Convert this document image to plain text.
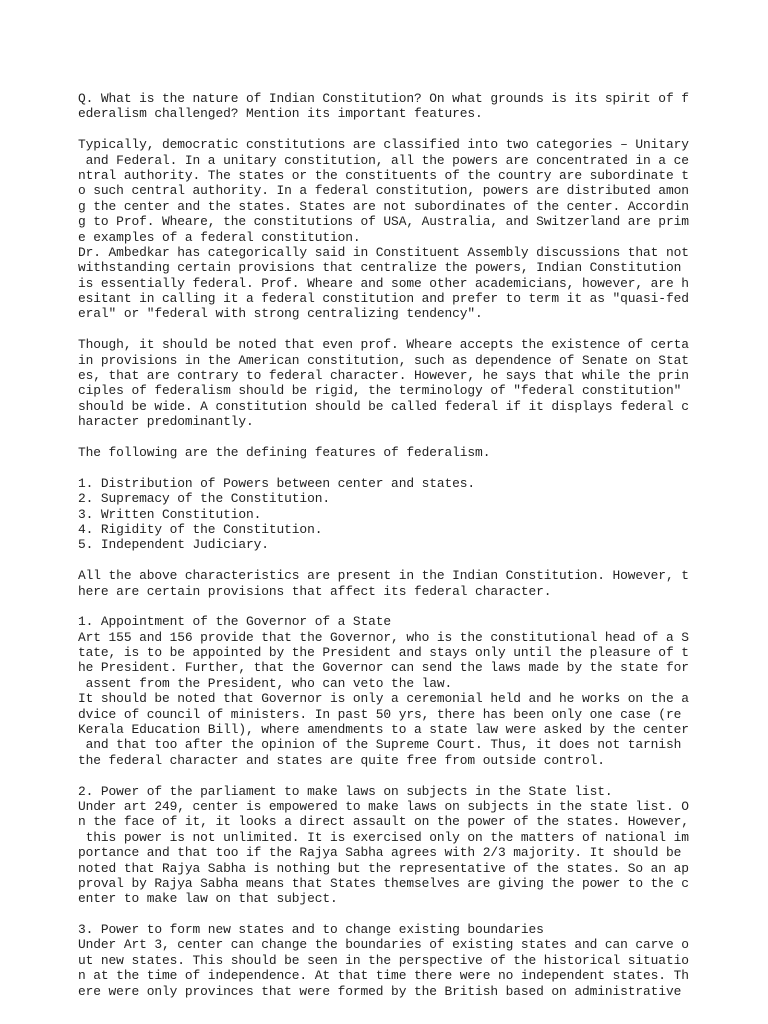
Q. What is the nature of Indian Constitution? On what grounds is its spirit of f
ederalism challenged? Mention its important features.
Typically, democratic constitutions are classified into two categories – Unitary
and Federal. In a unitary constitution, all the powers are concentrated in a ce
ntral authority. The states or the constituents of the country are subordinate t
o such central authority. In a federal constitution, powers are distributed amon
g the center and the states. States are not subordinates of the center. Accordin
g to Prof. Wheare, the constitutions of USA, Australia, and Switzerland are prim
e examples of a federal constitution.
Dr. Ambedkar has categorically said in Constituent Assembly discussions that not
withstanding certain provisions that centralize the powers, Indian Constitution
is essentially federal. Prof. Wheare and some other academicians, however, are h
esitant in calling it a federal constitution and prefer to term it as "quasi-fed
eral" or "federal with strong centralizing tendency".
Though, it should be noted that even prof. Wheare accepts the existence of certa
in provisions in the American constitution, such as dependence of Senate on Stat
es, that are contrary to federal character. However, he says that while the prin
ciples of federalism should be rigid, the terminology of "federal constitution"
should be wide. A constitution should be called federal if it displays federal c
haracter predominantly.
The following are the defining features of federalism.
1. Distribution of Powers between center and states.
2. Supremacy of the Constitution.
3. Written Constitution.
4. Rigidity of the Constitution.
5. Independent Judiciary.
All the above characteristics are present in the Indian Constitution. However, t
here are certain provisions that affect its federal character.
1. Appointment of the Governor of a State
Art 155 and 156 provide that the Governor, who is the constitutional head of a S
tate, is to be appointed by the President and stays only until the pleasure of t
he President. Further, that the Governor can send the laws made by the state for
assent from the President, who can veto the law.
It should be noted that Governor is only a ceremonial held and he works on the a
dvice of council of ministers. In past 50 yrs, there has been only one case (re
Kerala Education Bill), where amendments to a state law were asked by the center
and that too after the opinion of the Supreme Court. Thus, it does not tarnish
the federal character and states are quite free from outside control.
2. Power of the parliament to make laws on subjects in the State list.
Under art 249, center is empowered to make laws on subjects in the state list. O
n the face of it, it looks a direct assault on the power of the states. However,
this power is not unlimited. It is exercised only on the matters of national im
portance and that too if the Rajya Sabha agrees with 2/3 majority. It should be
noted that Rajya Sabha is nothing but the representative of the states. So an ap
proval by Rajya Sabha means that States themselves are giving the power to the c
enter to make law on that subject.
3. Power to form new states and to change existing boundaries
Under Art 3, center can change the boundaries of existing states and can carve o
ut new states. This should be seen in the perspective of the historical situatio
n at the time of independence. At that time there were no independent states. Th
ere were only provinces that were formed by the British based on administrative
